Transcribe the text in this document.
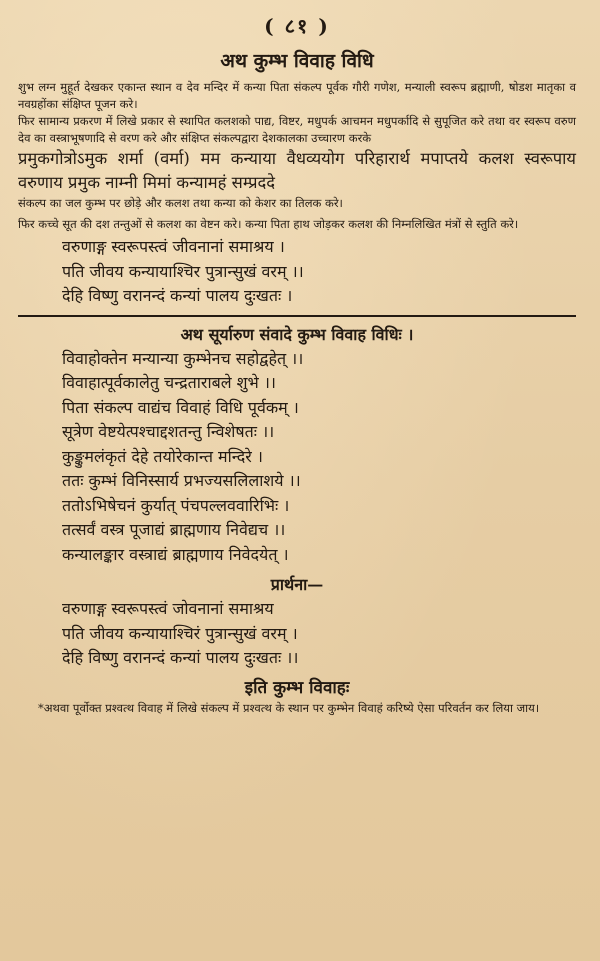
( ८१ )
अथ कुम्भ विवाह विधि

शुभ लग्न मुहूर्त देखकर एकान्त स्थान व देव मन्दिर में कन्या पिता संकल्प पूर्वक गौरी गणेश, मन्याली स्वरूप ब्रह्माणी, षोडश मातृका व नवग्रहोंका संक्षिप्त पूजन करे।

फिर सामान्य प्रकरण में लिखे प्रकार से स्थापित कलशको पाद्य, विष्टर, मधुपर्क आचमन मधुपर्कादि से सुपूजित करे तथा वर स्वरूप वरुण देव का वस्त्राभूषणादि से वरण करे और संक्षिप्त संकल्पद्वारा देशकालका उच्चारण करके

प्रमुकगोत्रोऽमुक शर्मा (वर्मा) मम कन्याया वैधव्ययोग परिहारार्थ मपाप्तये कलश स्वरूपाय वरुणाय प्रमुक नाम्नी मिमां कन्यामहं सम्प्रददे

संकल्प का जल कुम्भ पर छोड़े और कलश तथा कन्या को केशर का तिलक करे।

फिर कच्चे सूत की दश तन्तुओं से कलश का वेष्टन करे। कन्या पिता हाथ जोड़कर कलश की निम्नलिखित मंत्रों से स्तुति करे।

वरुणाङ्ग स्वरूपस्त्वं जीवनानां समाश्रय ।
पति जीवय कन्यायाश्चिर पुत्रान्सुखं वरम् ।।
देहि विष्णु वरानन्दं कन्यां पालय दुःखतः ।
अथ सूर्यारुण संवादे कुम्भ विवाह विधिः ।
विवाहोक्तेन मन्यान्या कुम्भेनच सहोद्वहेत् ।।
विवाहात्पूर्वकालेतु चन्द्रताराबले शुभे ।।
पिता संकल्प वाद्यंच विवाहं विधि पूर्वकम् ।
सूत्रेण वेष्टयेत्पश्चाद्दशतन्तु न्विशेषतः ।।
कुङ्कुमलंकृतं देहे तयोरेकान्त मन्दिरे ।
ततः कुम्भं विनिस्सार्य प्रभज्यसलिलाशये ।।
ततोऽभिषेचनं कुर्यात् पंचपल्लववारिभिः ।
तत्सर्वं वस्त्र पूजाद्यं ब्राह्मणाय निवेद्यच ।।
कन्यालङ्कार वस्त्राद्यं ब्राह्मणाय निवेदयेत् ।
प्रार्थना—
वरुणाङ्ग स्वरूपस्त्वं जोवनानां समाश्रय
पति जीवय कन्यायाश्चिरं पुत्रान्सुखं वरम् ।
देहि विष्णु वरानन्दं कन्यां पालय दुःखतः ।।
इति कुम्भ विवाहः

*अथवा पूर्वोक्त प्रश्वत्थ विवाह में लिखे संकल्प में प्रश्वत्थ के स्थान पर कुम्भेन विवाहं करिष्ये ऐसा परिवर्तन कर लिया जाय।
